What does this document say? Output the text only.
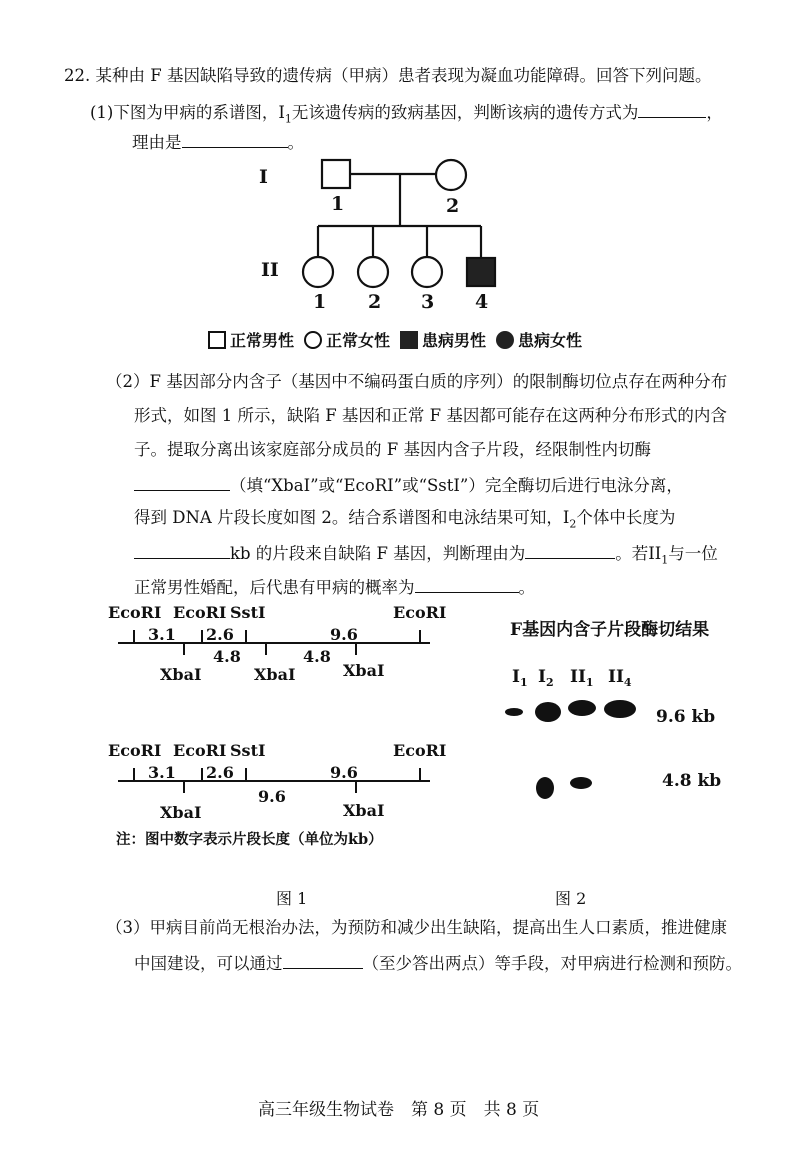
22. 某种由 F 基因缺陷导致的遗传病（甲病）患者表现为凝血功能障碍。回答下列问题。
(1)下图为甲病的系谱图，$I_1$无该遗传病的致病基因，判断该病的遗传方式为	，
理由是	。
I
II
1	2
1 2 3 4
正常男性 正常女性 患病男性 患病女性
（2）F 基因部分内含子（基因中不编码蛋白质的序列）的限制酶切位点存在两种分布
形式，如图 1 所示，缺陷 F 基因和正常 F 基因都可能存在这两种分布形式的内含
子。提取分离出该家庭部分成员的 F 基因内含子片段，经限制性内切酶
（填“XbaI”或“EcoRI”或“SstI”）完全酶切后进行电泳分离，
得到 DNA 片段长度如图 2。结合系谱图和电泳结果可知，$I_2$个体中长度为
kb 的片段来自缺陷 F 基因，判断理由为	。若$II_1$与一位
正常男性婚配，后代患有甲病的概率为	。
EcoRI EcoRI SstI	EcoRI
3.1 2.6	9.6
4.8	4.8
XbaI	XbaI	XbaI
EcoRI EcoRI SstI	EcoRI
3.1 2.6	9.6
9.6
XbaI	XbaI
注：图中数字表示片段长度（单位为kb）
F基因内含子片段酶切结果
$I_1$ $I_2$ $II_1$ $II_4$
9.6 kb
4.8 kb
图 1	图 2
（3）甲病目前尚无根治办法，为预防和减少出生缺陷，提高出生人口素质，推进健康
中国建设，可以通过	（至少答出两点）等手段，对甲病进行检测和预防。
高三年级生物试卷　第 8 页　共 8 页
